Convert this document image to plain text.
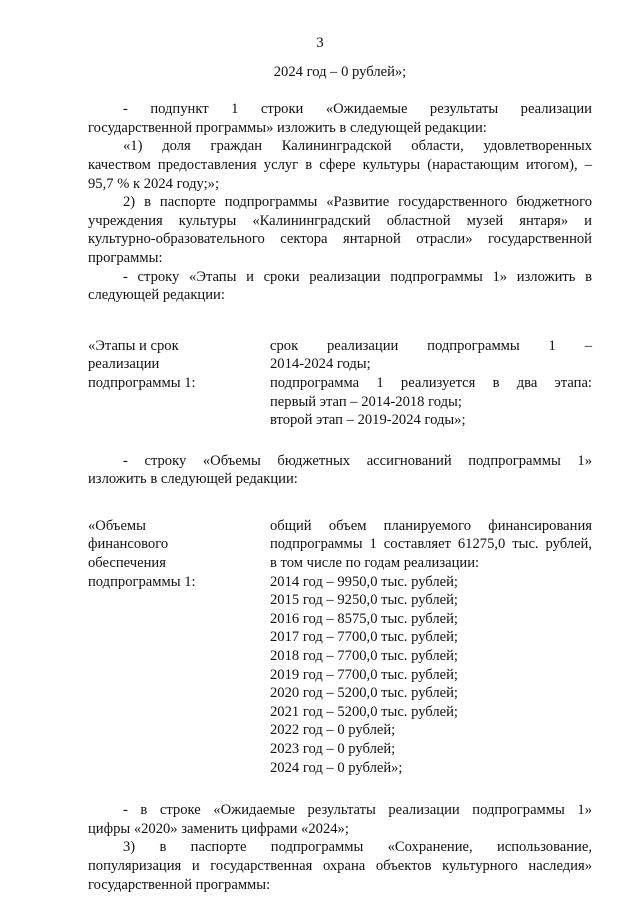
3
2024 год – 0 рублей»;
- подпункт 1 строки «Ожидаемые результаты реализации
государственной программы» изложить в следующей редакции:
«1) доля граждан Калининградской области, удовлетворенных
качеством предоставления услуг в сфере культуры (нарастающим итогом), –
95,7 % к 2024 году;»;
2) в паспорте подпрограммы «Развитие государственного бюджетного
учреждения культуры «Калининградский областной музей янтаря» и
культурно-образовательного сектора янтарной отрасли» государственной
программы:
- строку «Этапы и сроки реализации подпрограммы 1» изложить в
следующей редакции:
«Этапы и срок
реализации
подпрограммы 1:
срок реализации подпрограммы 1 –
2014-2024 годы;
подпрограмма 1 реализуется в два этапа:
первый этап – 2014-2018 годы;
второй этап – 2019-2024 годы»;
- строку «Объемы бюджетных ассигнований подпрограммы 1»
изложить в следующей редакции:
«Объемы
финансового
обеспечения
подпрограммы 1:
общий объем планируемого финансирования
подпрограммы 1 составляет 61275,0 тыс. рублей,
в том числе по годам реализации:
2014 год – 9950,0 тыс. рублей;
2015 год – 9250,0 тыс. рублей;
2016 год – 8575,0 тыс. рублей;
2017 год – 7700,0 тыс. рублей;
2018 год – 7700,0 тыс. рублей;
2019 год – 7700,0 тыс. рублей;
2020 год – 5200,0 тыс. рублей;
2021 год – 5200,0 тыс. рублей;
2022 год – 0 рублей;
2023 год – 0 рублей;
2024 год – 0 рублей»;
- в строке «Ожидаемые результаты реализации подпрограммы 1»
цифры «2020» заменить цифрами «2024»;
3) в паспорте подпрограммы «Сохранение, использование,
популяризация и государственная охрана объектов культурного наследия»
государственной программы:
